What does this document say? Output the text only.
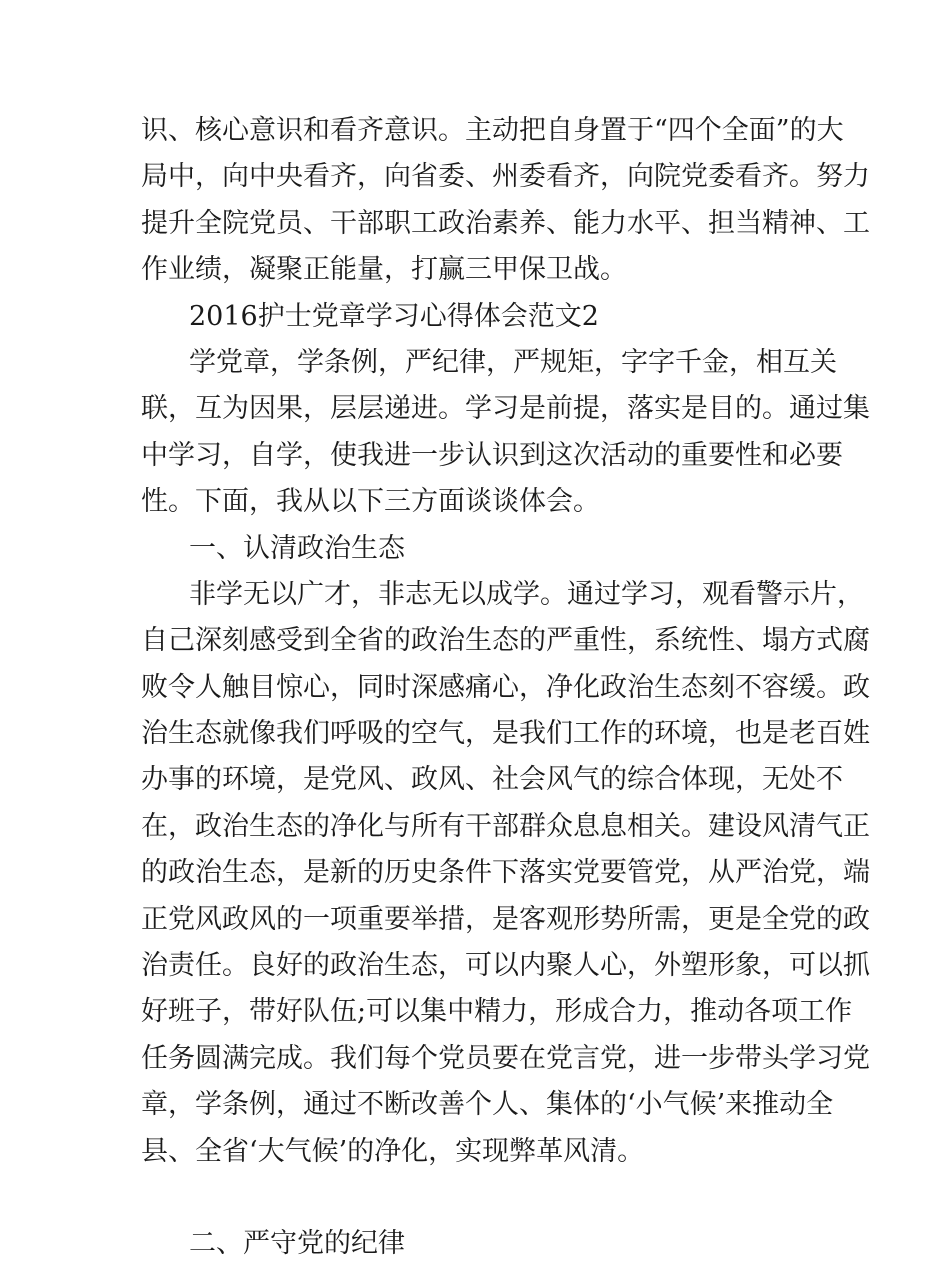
识、核心意识和看齐意识。主动把自身置于“四个全面”的大
局中，向中央看齐，向省委、州委看齐，向院党委看齐。努力
提升全院党员、干部职工政治素养、能力水平、担当精神、工
作业绩，凝聚正能量，打赢三甲保卫战。
2016护士党章学习心得体会范文2
学党章，学条例，严纪律，严规矩，字字千金，相互关
联，互为因果，层层递进。学习是前提，落实是目的。通过集
中学习，自学，使我进一步认识到这次活动的重要性和必要
性。下面，我从以下三方面谈谈体会。
一、认清政治生态
非学无以广才，非志无以成学。通过学习，观看警示片，
自己深刻感受到全省的政治生态的严重性，系统性、塌方式腐
败令人触目惊心，同时深感痛心，净化政治生态刻不容缓。政
治生态就像我们呼吸的空气，是我们工作的环境，也是老百姓
办事的环境，是党风、政风、社会风气的综合体现，无处不
在，政治生态的净化与所有干部群众息息相关。建设风清气正
的政治生态，是新的历史条件下落实党要管党，从严治党，端
正党风政风的一项重要举措，是客观形势所需，更是全党的政
治责任。良好的政治生态，可以内聚人心，外塑形象，可以抓
好班子，带好队伍;可以集中精力，形成合力，推动各项工作
任务圆满完成。我们每个党员要在党言党，进一步带头学习党
章，学条例，通过不断改善个人、集体的‘小气候’来推动全
县、全省‘大气候’的净化，实现弊革风清。
二、严守党的纪律
